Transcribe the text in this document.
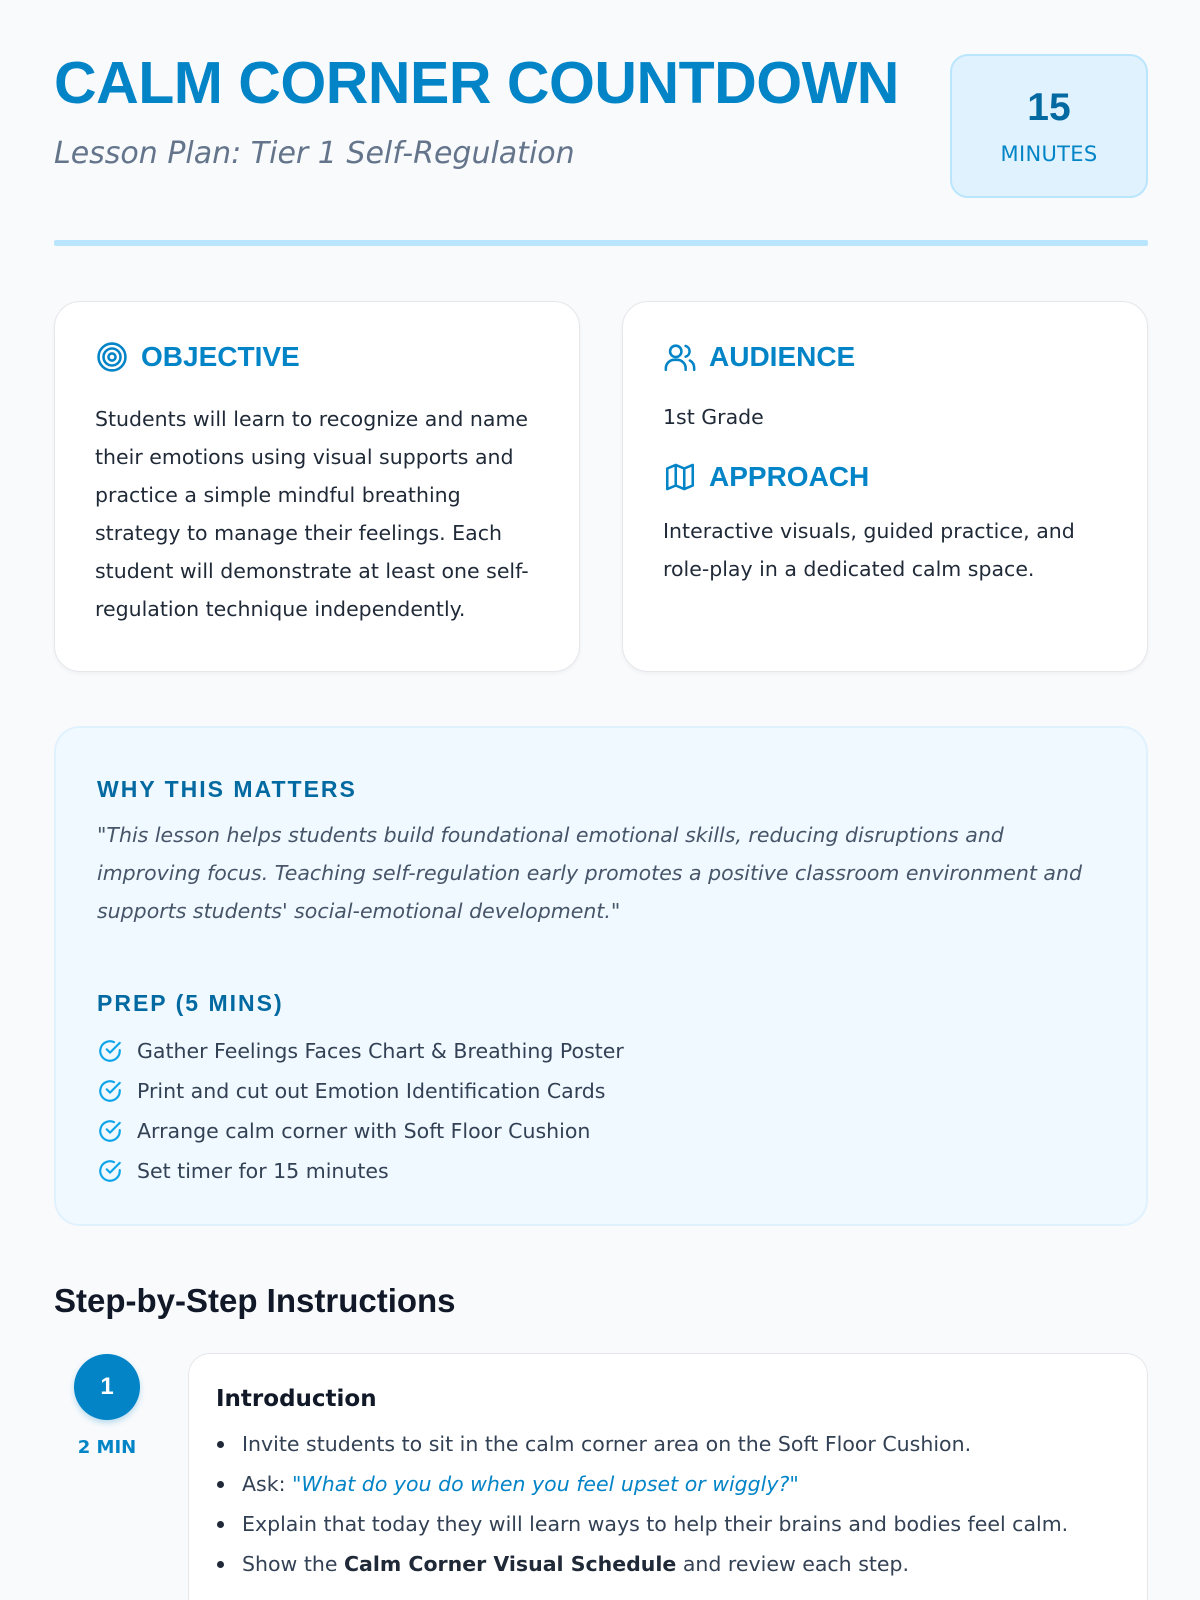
CALM CORNER COUNTDOWN
Lesson Plan: Tier 1 Self-Regulation
15
MINUTES
OBJECTIVE
Students will learn to recognize and name their emotions using visual supports and practice a simple mindful breathing strategy to manage their feelings. Each student will demonstrate at least one self-regulation technique independently.
AUDIENCE
1st Grade
APPROACH
Interactive visuals, guided practice, and role-play in a dedicated calm space.
WHY THIS MATTERS
"This lesson helps students build foundational emotional skills, reducing disruptions and improving focus. Teaching self-regulation early promotes a positive classroom environment and supports students' social-emotional development."
PREP (5 MINS)
Gather Feelings Faces Chart & Breathing Poster
Print and cut out Emotion Identification Cards
Arrange calm corner with Soft Floor Cushion
Set timer for 15 minutes
Step-by-Step Instructions
1
2 MIN
Introduction
Invite students to sit in the calm corner area on the Soft Floor Cushion.
Ask: "What do you do when you feel upset or wiggly?"
Explain that today they will learn ways to help their brains and bodies feel calm.
Show the Calm Corner Visual Schedule and review each step.
